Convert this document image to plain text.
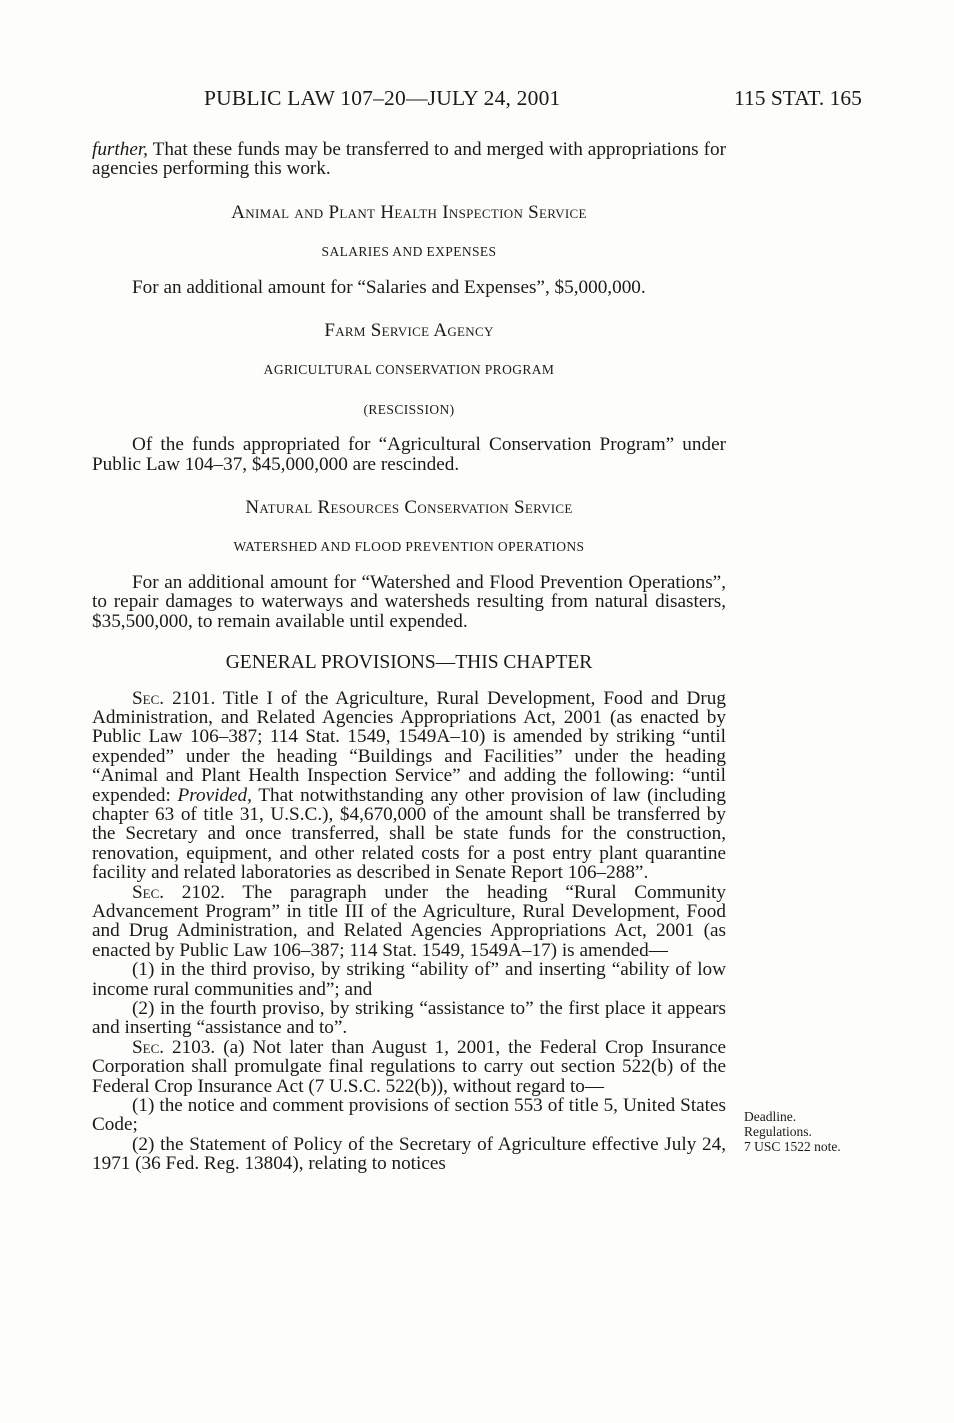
PUBLIC LAW 107–20—JULY 24, 2001	115 STAT. 165

further, That these funds may be transferred to and merged with appropriations for agencies performing this work.

Animal and Plant Health Inspection Service
SALARIES AND EXPENSES

For an additional amount for “Salaries and Expenses”, $5,000,000.

Farm Service Agency
AGRICULTURAL CONSERVATION PROGRAM
(RESCISSION)

Of the funds appropriated for “Agricultural Conservation Program” under Public Law 104–37, $45,000,000 are rescinded.

Natural Resources Conservation Service
WATERSHED AND FLOOD PREVENTION OPERATIONS

For an additional amount for “Watershed and Flood Prevention Operations”, to repair damages to waterways and watersheds resulting from natural disasters, $35,500,000, to remain available until expended.

GENERAL PROVISIONS—THIS CHAPTER

Sec. 2101. Title I of the Agriculture, Rural Development, Food and Drug Administration, and Related Agencies Appropriations Act, 2001 (as enacted by Public Law 106–387; 114 Stat. 1549, 1549A–10) is amended by striking “until expended” under the heading “Buildings and Facilities” under the heading “Animal and Plant Health Inspection Service” and adding the following: “until expended: Provided, That notwithstanding any other provision of law (including chapter 63 of title 31, U.S.C.), $4,670,000 of the amount shall be transferred by the Secretary and once transferred, shall be state funds for the construction, renovation, equipment, and other related costs for a post entry plant quarantine facility and related laboratories as described in Senate Report 106–288”.

Sec. 2102. The paragraph under the heading “Rural Community Advancement Program” in title III of the Agriculture, Rural Development, Food and Drug Administration, and Related Agencies Appropriations Act, 2001 (as enacted by Public Law 106–387; 114 Stat. 1549, 1549A–17) is amended—

(1) in the third proviso, by striking “ability of” and inserting “ability of low income rural communities and”; and

(2) in the fourth proviso, by striking “assistance to” the first place it appears and inserting “assistance and to”.

Sec. 2103. (a) Not later than August 1, 2001, the Federal Crop Insurance Corporation shall promulgate final regulations to carry out section 522(b) of the Federal Crop Insurance Act (7 U.S.C. 522(b)), without regard to—

(1) the notice and comment provisions of section 553 of title 5, United States Code;

(2) the Statement of Policy of the Secretary of Agriculture effective July 24, 1971 (36 Fed. Reg. 13804), relating to notices

Deadline.
Regulations.
7 USC 1522 note.
